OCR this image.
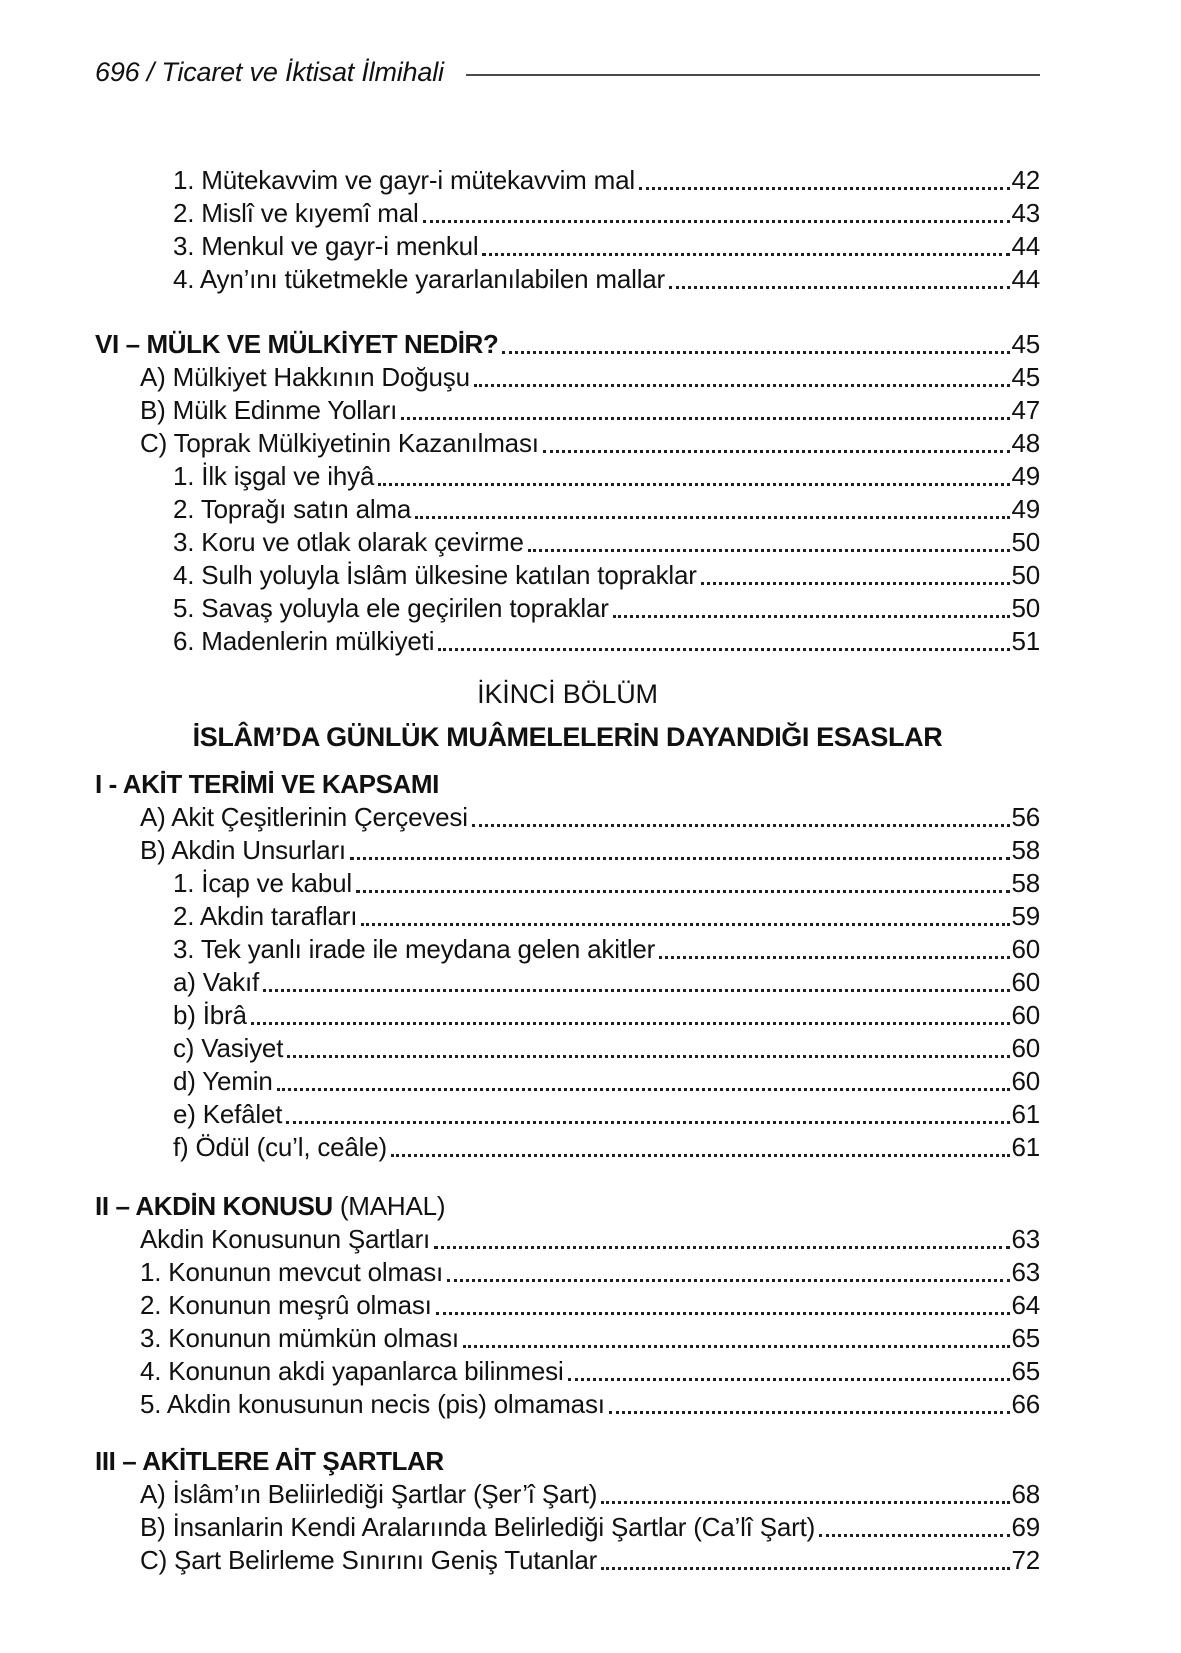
696 / Ticaret ve İktisat İlmihali
1. Mütekavvim ve gayr-i mütekavvim mal	42
2. Mislî ve kıyemî mal	43
3. Menkul ve gayr-i menkul	44
4. Ayn’ını tüketmekle yararlanılabilen mallar	44
VI – MÜLK VE MÜLKİYET NEDİR?	45
A) Mülkiyet Hakkının Doğuşu	45
B) Mülk Edinme Yolları	47
C) Toprak Mülkiyetinin Kazanılması	48
1. İlk işgal ve ihyâ	49
2. Toprağı satın alma	49
3. Koru ve otlak olarak çevirme	50
4. Sulh yoluyla İslâm ülkesine katılan topraklar	50
5. Savaş yoluyla ele geçirilen topraklar	50
6. Madenlerin mülkiyeti	51
İKİNCİ BÖLÜM
İSLÂM’DA GÜNLÜK MUÂMELELERİN DAYANDIĞI ESASLAR
I - AKİT TERİMİ VE KAPSAMI
A) Akit Çeşitlerinin Çerçevesi	56
B) Akdin Unsurları	58
1. İcap ve kabul	58
2. Akdin tarafları	59
3. Tek yanlı irade ile meydana gelen akitler	60
a) Vakıf	60
b) İbrâ	60
c) Vasiyet	60
d) Yemin	60
e) Kefâlet	61
f) Ödül (cu’l, ceâle)	61
II – AKDİN KONUSU (MAHAL)
Akdin Konusunun Şartları	63
1. Konunun mevcut olması	63
2. Konunun meşrû olması	64
3. Konunun mümkün olması	65
4. Konunun akdi yapanlarca bilinmesi	65
5. Akdin konusunun necis (pis) olmaması	66
III – AKİTLERE AİT ŞARTLAR
A) İslâm’ın Beliirlediği Şartlar (Şer’î Şart)	68
B) İnsanlarin Kendi Aralarıında Belirlediği Şartlar (Ca’lî Şart)	69
C) Şart Belirleme Sınırını Geniş Tutanlar	72
